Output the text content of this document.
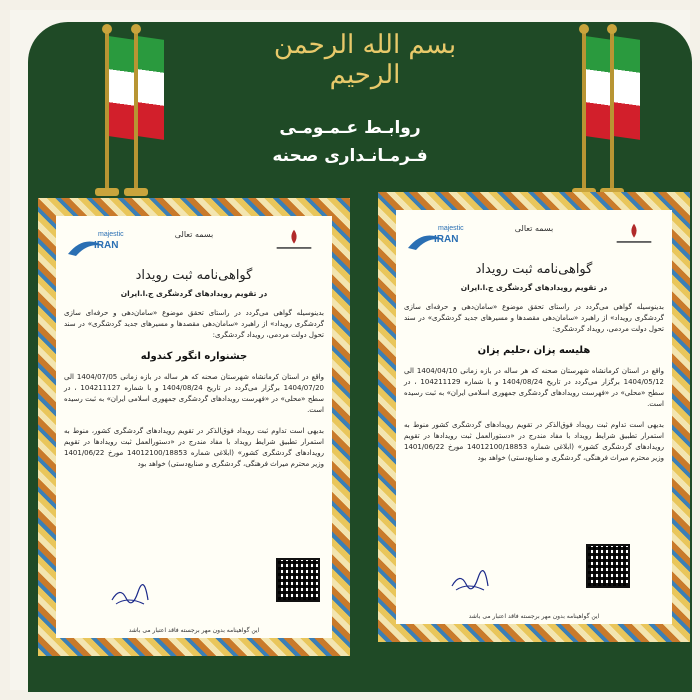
بسم الله الرحمن الرحیم
روابـط عـمـومـی
فـرمـانـداری صحنه
majestic
IRAN
بسمه تعالی
گواهی‌نامه ثبت رویداد
در تقویم رویدادهای گردشگری ج.ا.ایران
بدینوسیله گواهی می‌گردد در راستای تحقق موضوع «سامان‌دهی و حرفه‌ای سازی گردشگری رویداد» از راهبرد «سامان‌دهی مقصدها و مسیرهای جدید گردشگری» در سند تحول دولت مردمی، رویداد گردشگری:
جشنواره انگور کندوله
واقع در استان کرمانشاه شهرستان صحنه که هر ساله در بازه زمانی 1404/07/05 الی 1404/07/20 برگزار می‌گردد در تاریخ 1404/08/24 و با شماره 104211127 ، در سطح «محلی» در «فهرست رویدادهای گردشگری جمهوری اسلامی ایران» به ثبت رسیده است.
بدیهی است تداوم ثبت رویداد فوق‌الذکر در تقویم رویدادهای گردشگری کشور، منوط به استمرار تطبیق شرایط رویداد با مفاد مندرج در «دستورالعمل ثبت رویدادها در تقویم رویدادهای گردشگری کشور» (ابلاغی شماره 14012100/18853 مورخ 1401/06/22 وزیر محترم میراث فرهنگی، گردشگری و صنایع‌دستی) خواهد بود
این گواهینامه بدون مهر برجسته فاقد اعتبار می باشد
majestic
IRAN
بسمه تعالی
گواهی‌نامه ثبت رویداد
در تقویم رویدادهای گردشگری ج.ا.ایران
بدینوسیله گواهی می‌گردد در راستای تحقق موضوع «سامان‌دهی و حرفه‌ای سازی گردشگری رویداد» از راهبرد «سامان‌دهی مقصدها و مسیرهای جدید گردشگری» در سند تحول دولت مردمی، رویداد گردشگری:
هلیسه پزان ،حلیم پزان
واقع در استان کرمانشاه شهرستان صحنه که هر ساله در بازه زمانی 1404/04/10 الی 1404/05/12 برگزار می‌گردد در تاریخ 1404/08/24 و با شماره 104211129 ، در سطح «محلی» در «فهرست رویدادهای گردشگری جمهوری اسلامی ایران» به ثبت رسیده است.
بدیهی است تداوم ثبت رویداد فوق‌الذکر در تقویم رویدادهای گردشگری کشور منوط به استمرار تطبیق شرایط رویداد با مفاد مندرج در «دستورالعمل ثبت رویدادها در تقویم رویدادهای گردشگری کشور» (ابلاغی شماره 14012100/18853 مورخ 1401/06/22 وزیر محترم میراث فرهنگی، گردشگری و صنایع‌دستی) خواهد بود
این گواهینامه بدون مهر برجسته فاقد اعتبار می باشد
